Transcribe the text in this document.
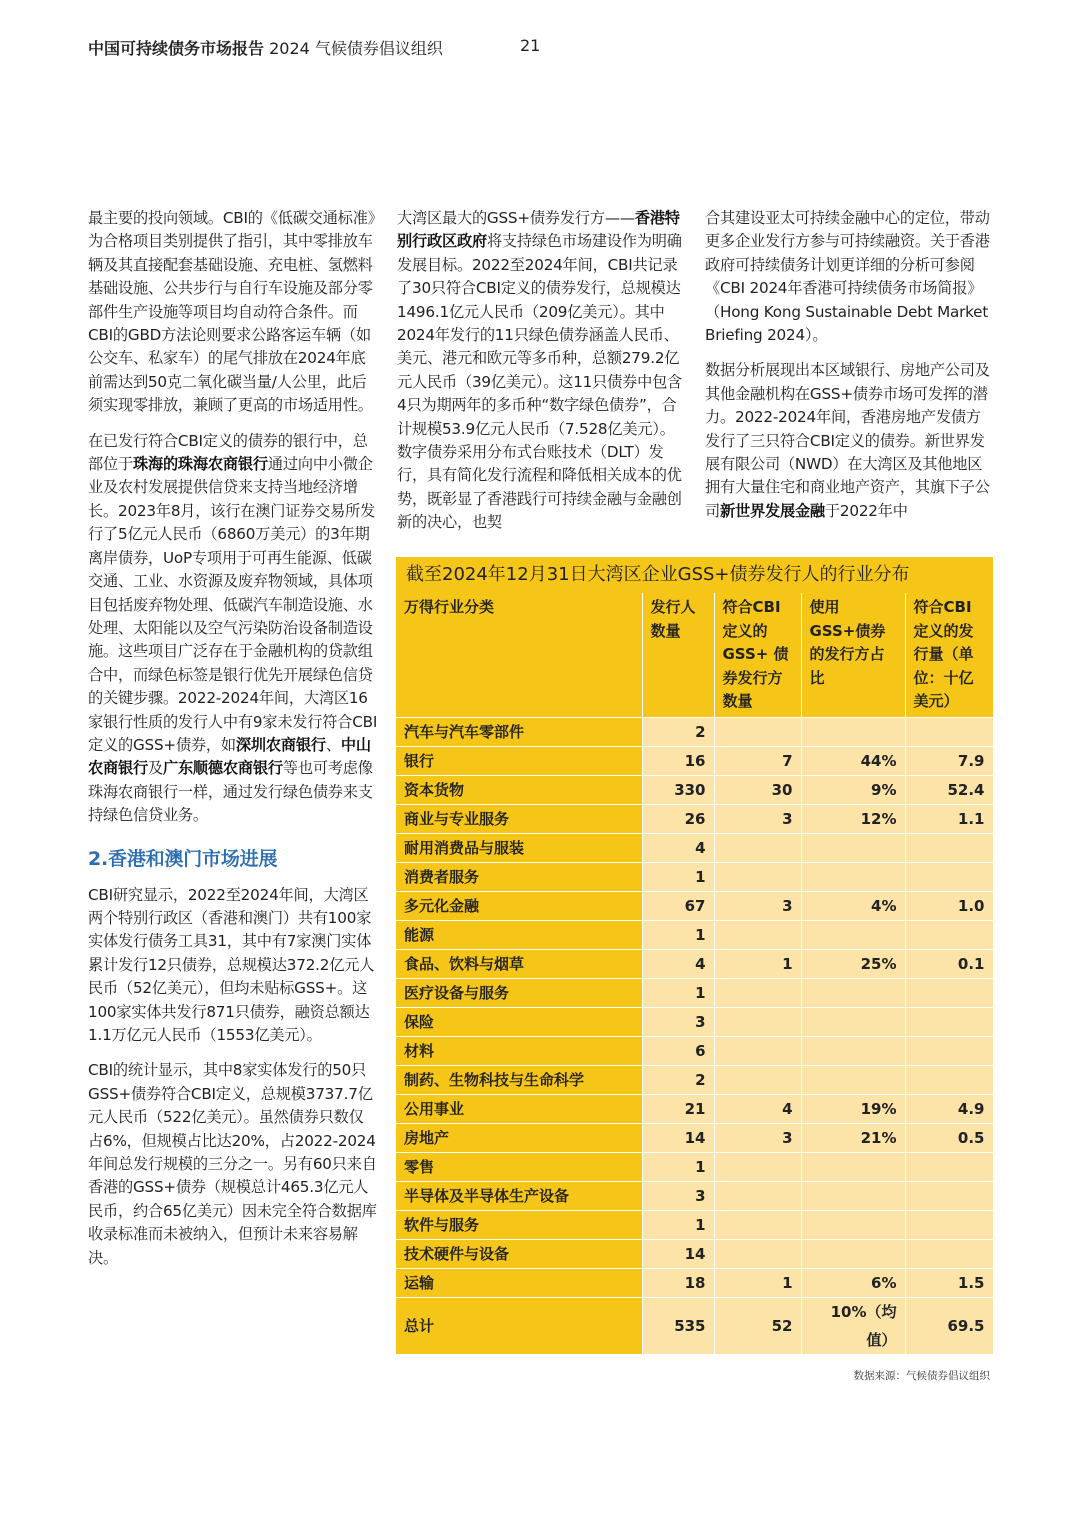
中国可持续债务市场报告 2024 气候债券倡议组织	21

最主要的投向领域。CBI的《低碳交通标准》为合格项目类别提供了指引，其中零排放车辆及其直接配套基础设施、充电桩、氢燃料基础设施、公共步行与自行车设施及部分零部件生产设施等项目均自动符合条件。而CBI的GBD方法论则要求公路客运车辆（如公交车、私家车）的尾气排放在2024年底前需达到50克二氧化碳当量/人公里，此后须实现零排放，兼顾了更高的市场适用性。

在已发行符合CBI定义的债券的银行中，总部位于珠海的珠海农商银行通过向中小微企业及农村发展提供信贷来支持当地经济增长。2023年8月，该行在澳门证券交易所发行了5亿元人民币（6860万美元）的3年期离岸债券，UoP专项用于可再生能源、低碳交通、工业、水资源及废弃物领域，具体项目包括废弃物处理、低碳汽车制造设施、水处理、太阳能以及空气污染防治设备制造设施。这些项目广泛存在于金融机构的贷款组合中，而绿色标签是银行优先开展绿色信贷的关键步骤。2022-2024年间，大湾区16家银行性质的发行人中有9家未发行符合CBI定义的GSS+债券，如深圳农商银行、中山农商银行及广东顺德农商银行等也可考虑像珠海农商银行一样，通过发行绿色债券来支持绿色信贷业务。

2.香港和澳门市场进展

CBI研究显示，2022至2024年间，大湾区两个特别行政区（香港和澳门）共有100家实体发行债务工具31，其中有7家澳门实体累计发行12只债券，总规模达372.2亿元人民币（52亿美元），但均未贴标GSS+。这100家实体共发行871只债券，融资总额达1.1万亿元人民币（1553亿美元）。

CBI的统计显示，其中8家实体发行的50只GSS+债券符合CBI定义，总规模3737.7亿元人民币（522亿美元）。虽然债券只数仅占6%，但规模占比达20%，占2022-2024年间总发行规模的三分之一。另有60只来自香港的GSS+债券（规模总计465.3亿元人民币，约合65亿美元）因未完全符合数据库收录标准而未被纳入，但预计未来容易解决。

大湾区最大的GSS+债券发行方——香港特别行政区政府将支持绿色市场建设作为明确发展目标。2022至2024年间，CBI共记录了30只符合CBI定义的债券发行，总规模达1496.1亿元人民币（209亿美元）。其中2024年发行的11只绿色债券涵盖人民币、美元、港元和欧元等多币种，总额279.2亿元人民币（39亿美元）。这11只债券中包含4只为期两年的多币种“数字绿色债券”，合计规模53.9亿元人民币（7.528亿美元）。数字债券采用分布式台账技术（DLT）发行，具有简化发行流程和降低相关成本的优势，既彰显了香港践行可持续金融与金融创新的决心，也契

合其建设亚太可持续金融中心的定位，带动更多企业发行方参与可持续融资。关于香港政府可持续债务计划更详细的分析可参阅《CBI 2024年香港可持续债务市场简报》（Hong Kong Sustainable Debt Market Briefing 2024）。

数据分析展现出本区域银行、房地产公司及其他金融机构在GSS+债券市场可发挥的潜力。2022-2024年间，香港房地产发债方发行了三只符合CBI定义的债券。新世界发展有限公司（NWD）在大湾区及其他地区拥有大量住宅和商业地产资产，其旗下子公司新世界发展金融于2022年中

截至2024年12月31日大湾区企业GSS+债券发行人的行业分布
万得行业分类	发行人数量	符合CBI定义的GSS+ 债券发行方数量	使用GSS+债券的发行方占比	符合CBI定义的发行量（单位：十亿美元）
汽车与汽车零部件	2			
银行	16	7	44%	7.9
资本货物	330	30	9%	52.4
商业与专业服务	26	3	12%	1.1
耐用消费品与服装	4			
消费者服务	1			
多元化金融	67	3	4%	1.0
能源	1			
食品、饮料与烟草	4	1	25%	0.1
医疗设备与服务	1			
保险	3			
材料	6			
制药、生物科技与生命科学	2			
公用事业	21	4	19%	4.9
房地产	14	3	21%	0.5
零售	1			
半导体及半导体生产设备	3			
软件与服务	1			
技术硬件与设备	14			
运输	18	1	6%	1.5
总计	535	52	10%（均值）	69.5
数据来源：气候债券倡议组织
